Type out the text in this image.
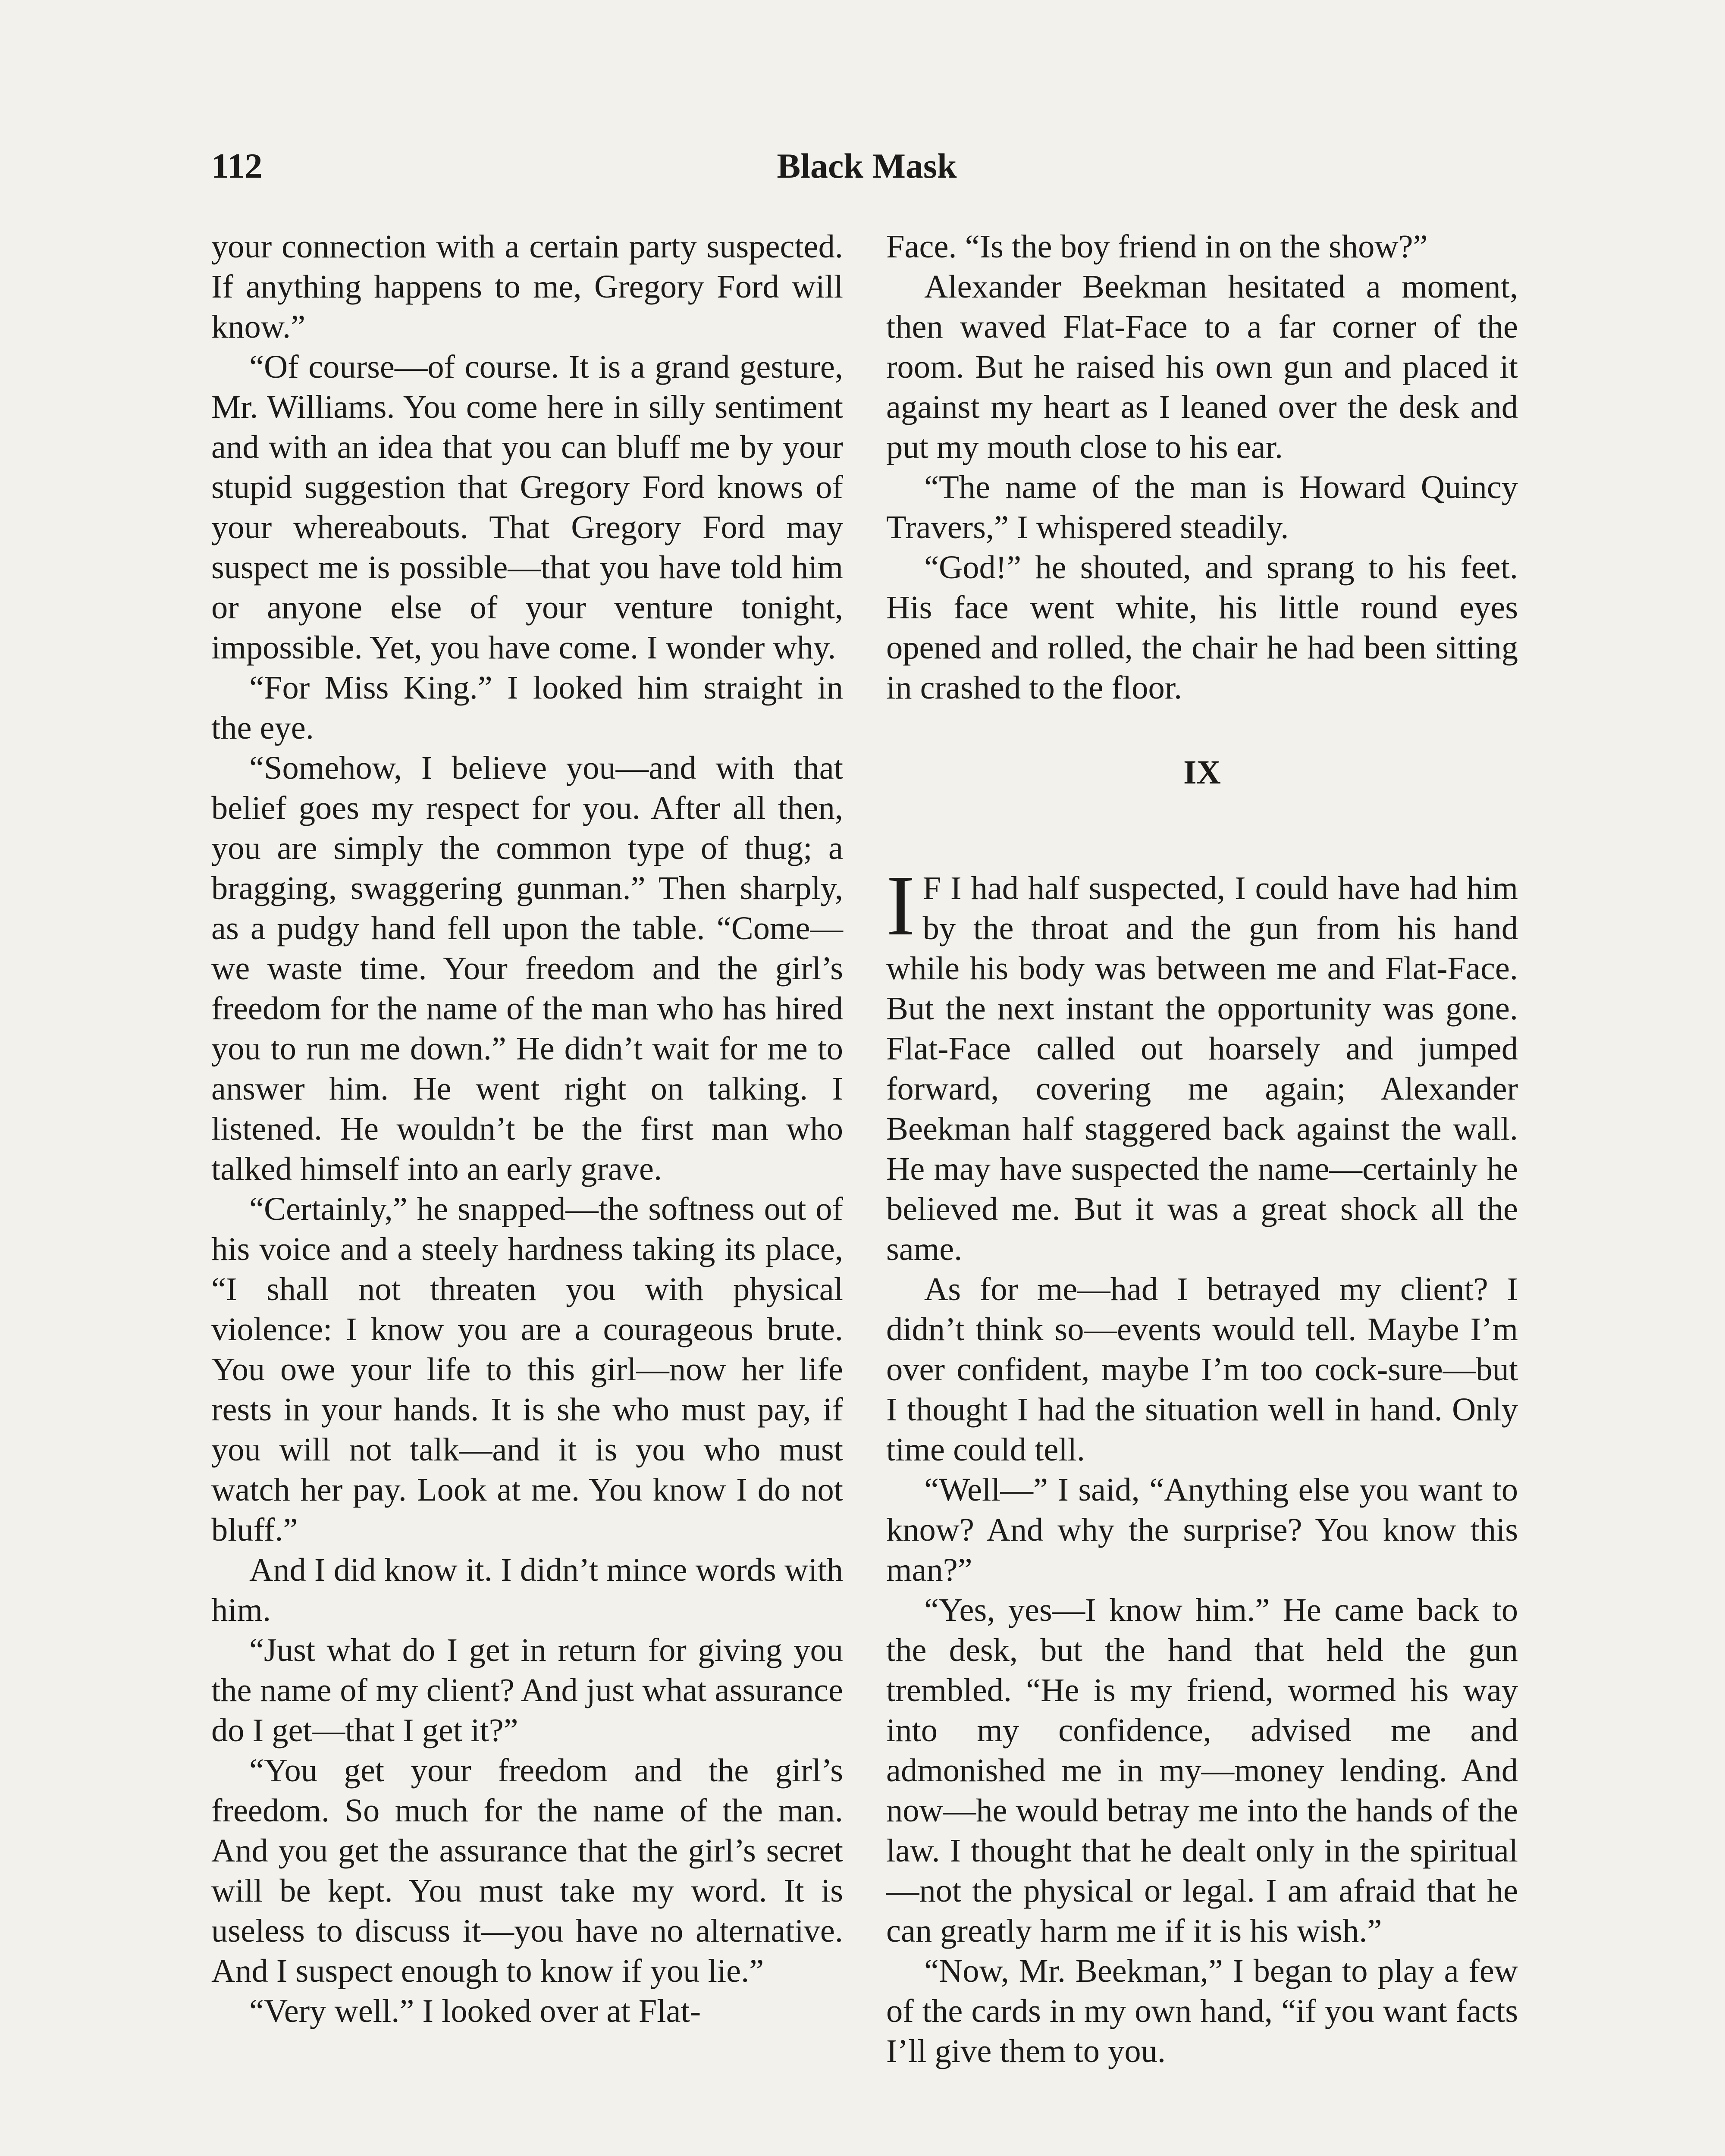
112	Black Mask

your connection with a certain party suspected. If anything happens to me, Gregory Ford will know.”

“Of course—of course. It is a grand gesture, Mr. Williams. You come here in silly sentiment and with an idea that you can bluff me by your stupid suggestion that Gregory Ford knows of your whereabouts. That Gregory Ford may suspect me is possible—that you have told him or anyone else of your venture tonight, impossible. Yet, you have come. I wonder why.

“For Miss King.” I looked him straight in the eye.

“Somehow, I believe you—and with that belief goes my respect for you. After all then, you are simply the common type of thug; a bragging, swaggering gunman.” Then sharply, as a pudgy hand fell upon the table. “Come—we waste time. Your freedom and the girl’s freedom for the name of the man who has hired you to run me down.” He didn’t wait for me to answer him. He went right on talking. I listened. He wouldn’t be the first man who talked himself into an early grave.

“Certainly,” he snapped—the softness out of his voice and a steely hardness taking its place, “I shall not threaten you with physical violence: I know you are a courageous brute. You owe your life to this girl—now her life rests in your hands. It is she who must pay, if you will not talk—and it is you who must watch her pay. Look at me. You know I do not bluff.”

And I did know it. I didn’t mince words with him.

“Just what do I get in return for giving you the name of my client? And just what assurance do I get—that I get it?”

“You get your freedom and the girl’s freedom. So much for the name of the man. And you get the assurance that the girl’s secret will be kept. You must take my word. It is useless to discuss it—you have no alternative. And I suspect enough to know if you lie.”

“Very well.” I looked over at Flat-

Face. “Is the boy friend in on the show?”

Alexander Beekman hesitated a moment, then waved Flat-Face to a far corner of the room. But he raised his own gun and placed it against my heart as I leaned over the desk and put my mouth close to his ear.

“The name of the man is Howard Quincy Travers,” I whispered steadily.

“God!” he shouted, and sprang to his feet. His face went white, his little round eyes opened and rolled, the chair he had been sitting in crashed to the floor.

IX

I F I had half suspected, I could have had him by the throat and the gun from his hand while his body was between me and Flat-Face. But the next instant the opportunity was gone. Flat-Face called out hoarsely and jumped forward, covering me again; Alexander Beekman half staggered back against the wall. He may have suspected the name—certainly he believed me. But it was a great shock all the same.

As for me—had I betrayed my client? I didn’t think so—events would tell. Maybe I’m over confident, maybe I’m too cock-sure—but I thought I had the situation well in hand. Only time could tell.

“Well—” I said, “Anything else you want to know? And why the surprise? You know this man?”

“Yes, yes—I know him.” He came back to the desk, but the hand that held the gun trembled. “He is my friend, wormed his way into my confidence, advised me and admonished me in my—money lending. And now—he would betray me into the hands of the law. I thought that he dealt only in the spiritual—not the physical or legal. I am afraid that he can greatly harm me if it is his wish.”

“Now, Mr. Beekman,” I began to play a few of the cards in my own hand, “if you want facts I’ll give them to you.
